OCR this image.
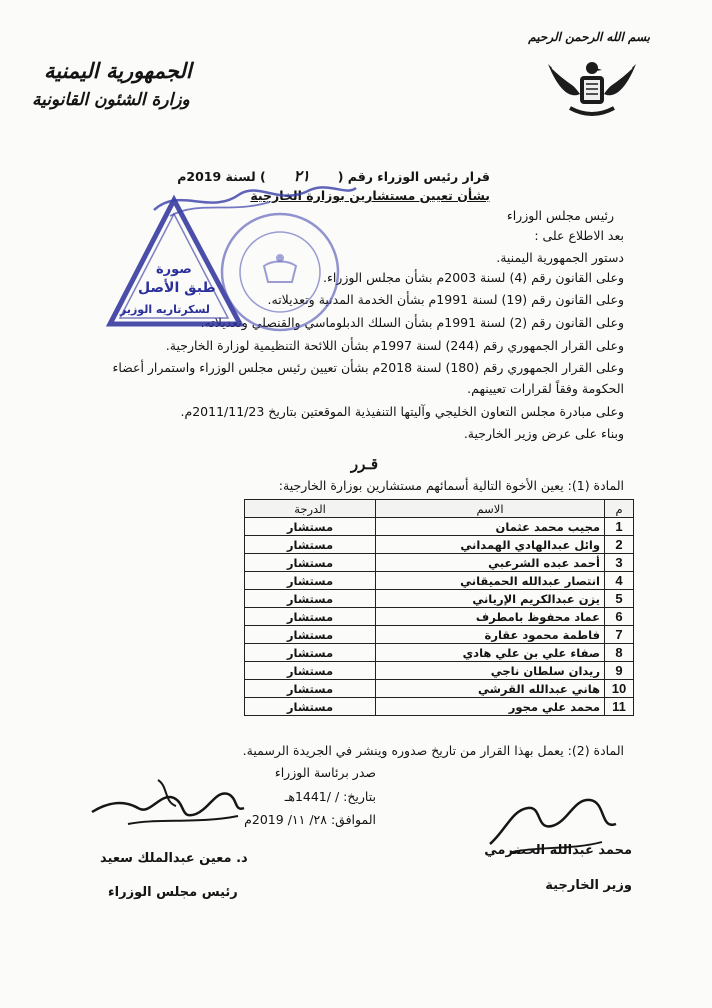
الجمهورية اليمنية
وزارة الشئون القانونية
بسم الله الرحمن الرحيم
قرار رئيس الوزراء رقم (٢١) لسنة 2019م
بشأن تعيين مستشارين بوزارة الخارجية
رئيس مجلس الوزراء
بعد الاطلاع على :
دستور الجمهورية اليمنية.
وعلى القانون رقم (4) لسنة 2003م بشأن مجلس الوزراء.
وعلى القانون رقم (19) لسنة 1991م بشأن الخدمة المدنية وتعديلاته.
وعلى القانون رقم (2) لسنة 1991م بشأن السلك الدبلوماسي والقنصلي وتعديلاته.
وعلى القرار الجمهوري رقم (244) لسنة 1997م بشأن اللائحة التنظيمية لوزارة الخارجية.
وعلى القرار الجمهوري رقم (180) لسنة 2018م بشأن تعيين رئيس مجلس الوزراء واستمرار أعضاء
الحكومة وفقاً لقرارات تعيينهم.
وعلى مبادرة مجلس التعاون الخليجي وآليتها التنفيذية الموقعتين بتاريخ 2011/11/23م.
وبناء على عرض وزير الخارجية.
صورة
طبق الأصل
لسكرتاريه الوزير
قـرر
المادة (1): يعين الأخوة التالية أسمائهم مستشارين بوزارة الخارجية:
م	الاسم	الدرجة
1	مجيب محمد عثمان	مستشار
2	وائل عبدالهادي الهمداني	مستشار
3	أحمد عبده الشرعبي	مستشار
4	انتصار عبدالله الحميقاني	مستشار
5	يزن عبدالكريم الإرياني	مستشار
6	عماد محفوظ بامطرف	مستشار
7	فاطمة محمود عقارة	مستشار
8	صفاء علي بن علي هادي	مستشار
9	ريدان سلطان ناجي	مستشار
10	هاني عبدالله القرشي	مستشار
11	محمد علي مجور	مستشار
المادة (2): يعمل بهذا القرار من تاريخ صدوره وينشر في الجريدة الرسمية.
صدر برئاسة الوزراء
بتاريخ: / /1441هـ
الموافق: ٢٨/ ١١/ 2019م
محمد عبدالله الحضرمي
وزير الخارجية
د. معين عبدالملك سعيد
رئيس مجلس الوزراء
